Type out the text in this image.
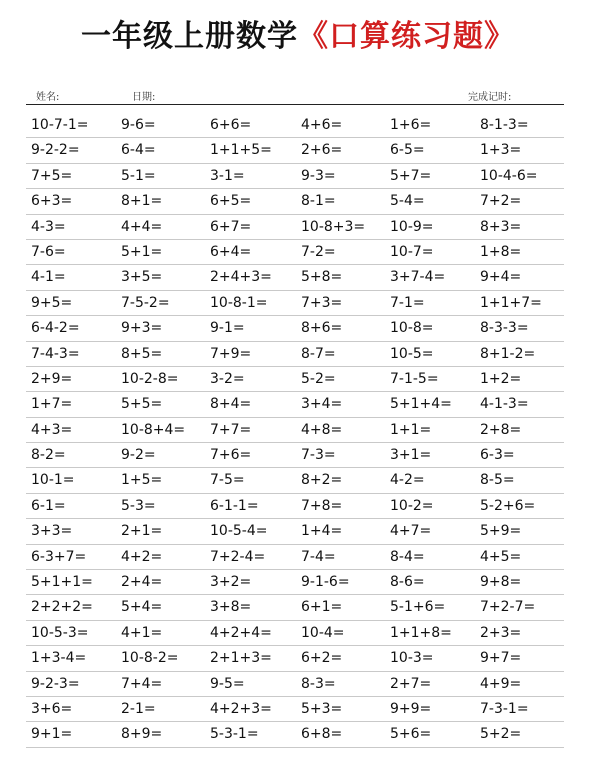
一年级上册数学《口算练习题》
姓名:	日期:	完成记时:
10-7-1= 9-6=	6+6=	4+6=	1+6=	8-1-3=
9-2-2=	6-4=	1+1+5= 2+6=	6-5=	1+3=
7+5=	5-1=	3-1=	9-3=	5+7=	10-4-6=
6+3=	8+1=	6+5=	8-1=	5-4=	7+2=
4-3=	4+4=	6+7=	10-8+3= 10-9=	8+3=
7-6=	5+1=	6+4=	7-2=	10-7=	1+8=
4-1=	3+5=	2+4+3= 5+8=	3+7-4= 9+4=
9+5=	7-5-2=	10-8-1= 7+3=	7-1=	1+1+7=
6-4-2=	9+3=	9-1=	8+6=	10-8=	8-3-3=
7-4-3=	8+5=	7+9=	8-7=	10-5=	8+1-2=
2+9=	10-2-8= 3-2=	5-2=	7-1-5=	1+2=
1+7=	5+5=	8+4=	3+4=	5+1+4= 4-1-3=
4+3=	10-8+4= 7+7=	4+8=	1+1=	2+8=
8-2=	9-2=	7+6=	7-3=	3+1=	6-3=
10-1=	1+5=	7-5=	8+2=	4-2=	8-5=
6-1=	5-3=	6-1-1=	7+8=	10-2=	5-2+6=
3+3=	2+1=	10-5-4= 1+4=	4+7=	5+9=
6-3+7= 4+2=	7+2-4=	7-4=	8-4=	4+5=
5+1+1= 2+4=	3+2=	9-1-6=	8-6=	9+8=
2+2+2= 5+4=	3+8=	6+1=	5-1+6= 7+2-7=
10-5-3= 4+1=	4+2+4= 10-4=	1+1+8= 2+3=
1+3-4= 10-8-2= 2+1+3= 6+2=	10-3=	9+7=
9-2-3=	7+4=	9-5=	8-3=	2+7=	4+9=
3+6=	2-1=	4+2+3= 5+3=	9+9=	7-3-1=
9+1=	8+9=	5-3-1=	6+8=	5+6=	5+2=
